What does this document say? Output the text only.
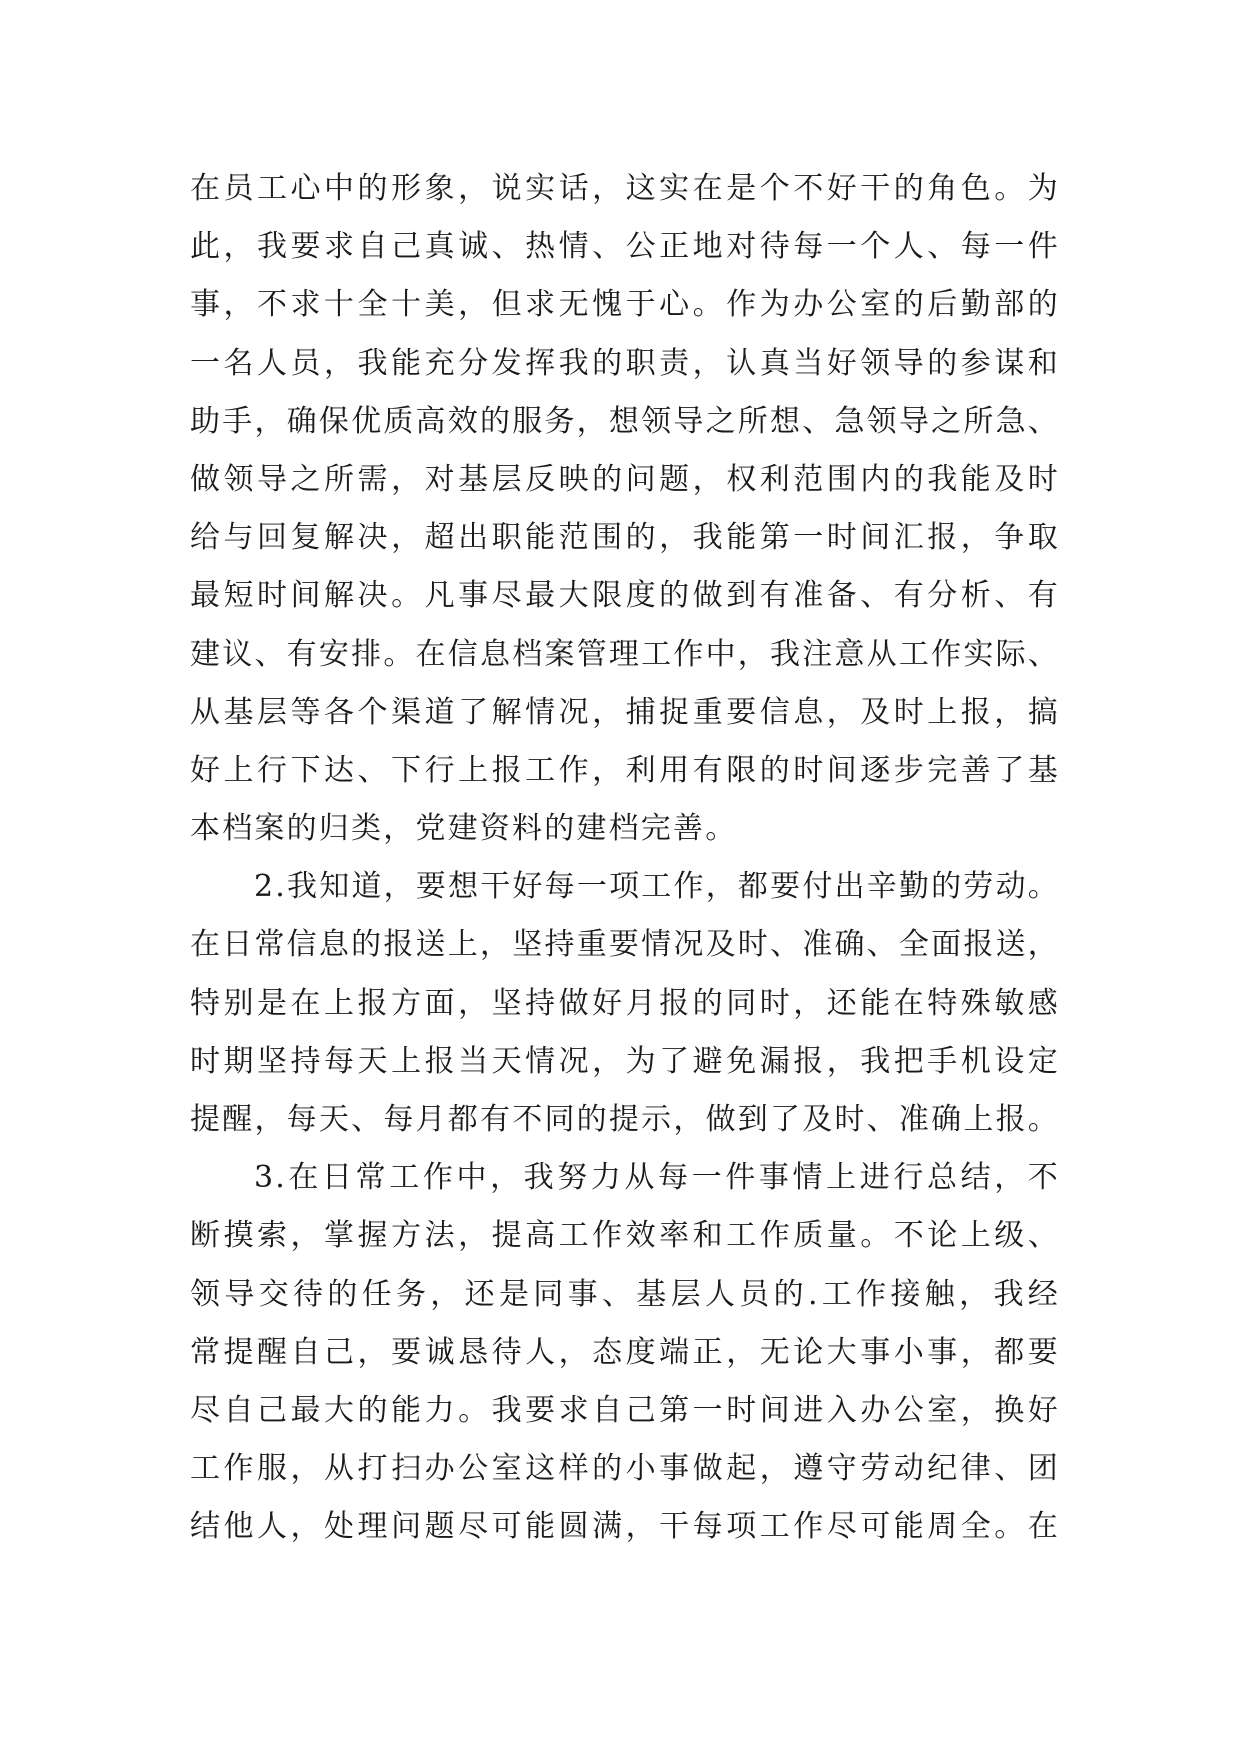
在员工心中的形象，说实话，这实在是个不好干的角色。为
此，我要求自己真诚、热情、公正地对待每一个人、每一件
事，不求十全十美，但求无愧于心。作为办公室的后勤部的
一名人员，我能充分发挥我的职责，认真当好领导的参谋和
助手，确保优质高效的服务，想领导之所想、急领导之所急、
做领导之所需，对基层反映的问题，权利范围内的我能及时
给与回复解决，超出职能范围的，我能第一时间汇报，争取
最短时间解决。凡事尽最大限度的做到有准备、有分析、有
建议、有安排。在信息档案管理工作中，我注意从工作实际、
从基层等各个渠道了解情况，捕捉重要信息，及时上报，搞
好上行下达、下行上报工作，利用有限的时间逐步完善了基
本档案的归类，党建资料的建档完善。
2.我知道，要想干好每一项工作，都要付出辛勤的劳动。
在日常信息的报送上，坚持重要情况及时、准确、全面报送，
特别是在上报方面，坚持做好月报的同时，还能在特殊敏感
时期坚持每天上报当天情况，为了避免漏报，我把手机设定
提醒，每天、每月都有不同的提示，做到了及时、准确上报。
3.在日常工作中，我努力从每一件事情上进行总结，不
断摸索，掌握方法，提高工作效率和工作质量。不论上级、
领导交待的任务，还是同事、基层人员的.工作接触，我经
常提醒自己，要诚恳待人，态度端正，无论大事小事，都要
尽自己最大的能力。我要求自己第一时间进入办公室，换好
工作服，从打扫办公室这样的小事做起，遵守劳动纪律、团
结他人，处理问题尽可能圆满，干每项工作尽可能周全。在
